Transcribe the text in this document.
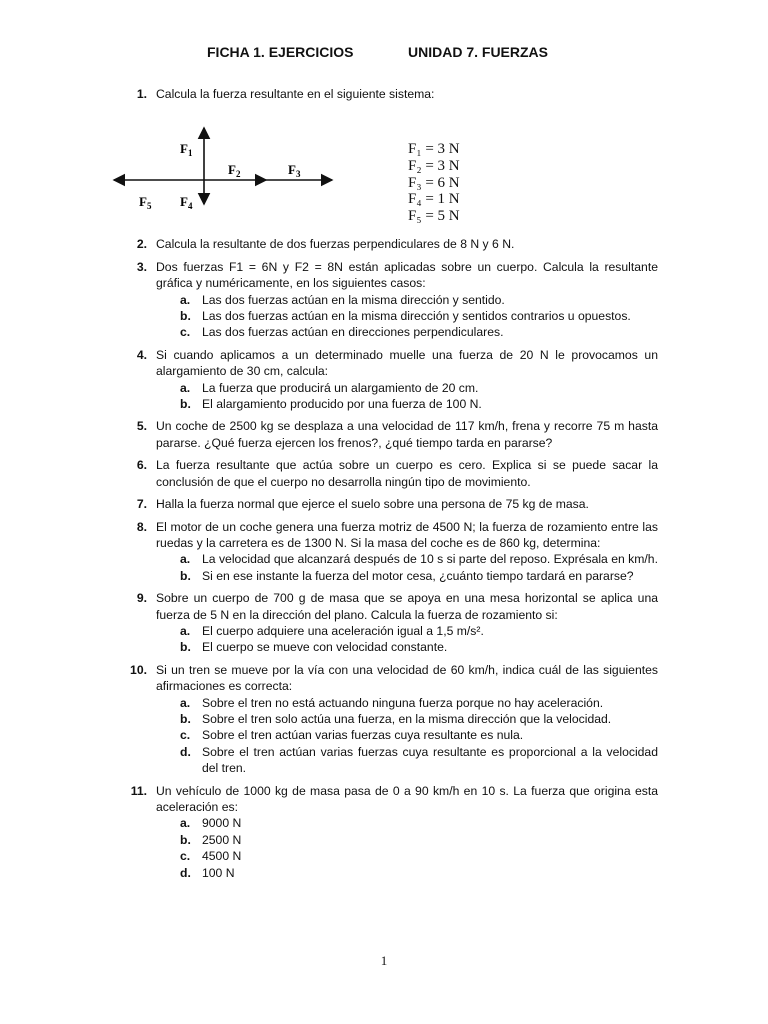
FICHA 1. EJERCICIOS	UNIDAD 7. FUERZAS
1. Calcula la fuerza resultante en el siguiente sistema:
$F_1$
$F_2$	$F_3$
$F_4$
$F_5$
F₁ = 3 N
F₂ = 3 N
F₃ = 6 N
F₄ = 1 N
F₅ = 5 N
2. Calcula la resultante de dos fuerzas perpendiculares de 8 N y 6 N.
3. Dos fuerzas F1 = 6N y F2 = 8N están aplicadas sobre un cuerpo. Calcula la resultante gráfica y numéricamente, en los siguientes casos:
a. Las dos fuerzas actúan en la misma dirección y sentido.
b. Las dos fuerzas actúan en la misma dirección y sentidos contrarios u opuestos.
c. Las dos fuerzas actúan en direcciones perpendiculares.
4. Si cuando aplicamos a un determinado muelle una fuerza de 20 N le provocamos un alargamiento de 30 cm, calcula:
a. La fuerza que producirá un alargamiento de 20 cm.
b. El alargamiento producido por una fuerza de 100 N.
5. Un coche de 2500 kg se desplaza a una velocidad de 117 km/h, frena y recorre 75 m hasta pararse. ¿Qué fuerza ejercen los frenos?, ¿qué tiempo tarda en pararse?
6. La fuerza resultante que actúa sobre un cuerpo es cero. Explica si se puede sacar la conclusión de que el cuerpo no desarrolla ningún tipo de movimiento.
7. Halla la fuerza normal que ejerce el suelo sobre una persona de 75 kg de masa.
8. El motor de un coche genera una fuerza motriz de 4500 N; la fuerza de rozamiento entre las ruedas y la carretera es de 1300 N. Si la masa del coche es de 860 kg, determina:
a. La velocidad que alcanzará después de 10 s si parte del reposo. Exprésala en km/h.
b. Si en ese instante la fuerza del motor cesa, ¿cuánto tiempo tardará en pararse?
9. Sobre un cuerpo de 700 g de masa que se apoya en una mesa horizontal se aplica una fuerza de 5 N en la dirección del plano. Calcula la fuerza de rozamiento si:
a. El cuerpo adquiere una aceleración igual a 1,5 m/s².
b. El cuerpo se mueve con velocidad constante.
10. Si un tren se mueve por la vía con una velocidad de 60 km/h, indica cuál de las siguientes afirmaciones es correcta:
a. Sobre el tren no está actuando ninguna fuerza porque no hay aceleración.
b. Sobre el tren solo actúa una fuerza, en la misma dirección que la velocidad.
c. Sobre el tren actúan varias fuerzas cuya resultante es nula.
d. Sobre el tren actúan varias fuerzas cuya resultante es proporcional a la velocidad del tren.
11. Un vehículo de 1000 kg de masa pasa de 0 a 90 km/h en 10 s. La fuerza que origina esta aceleración es:
a. 9000 N
b. 2500 N
c. 4500 N
d. 100 N
1
